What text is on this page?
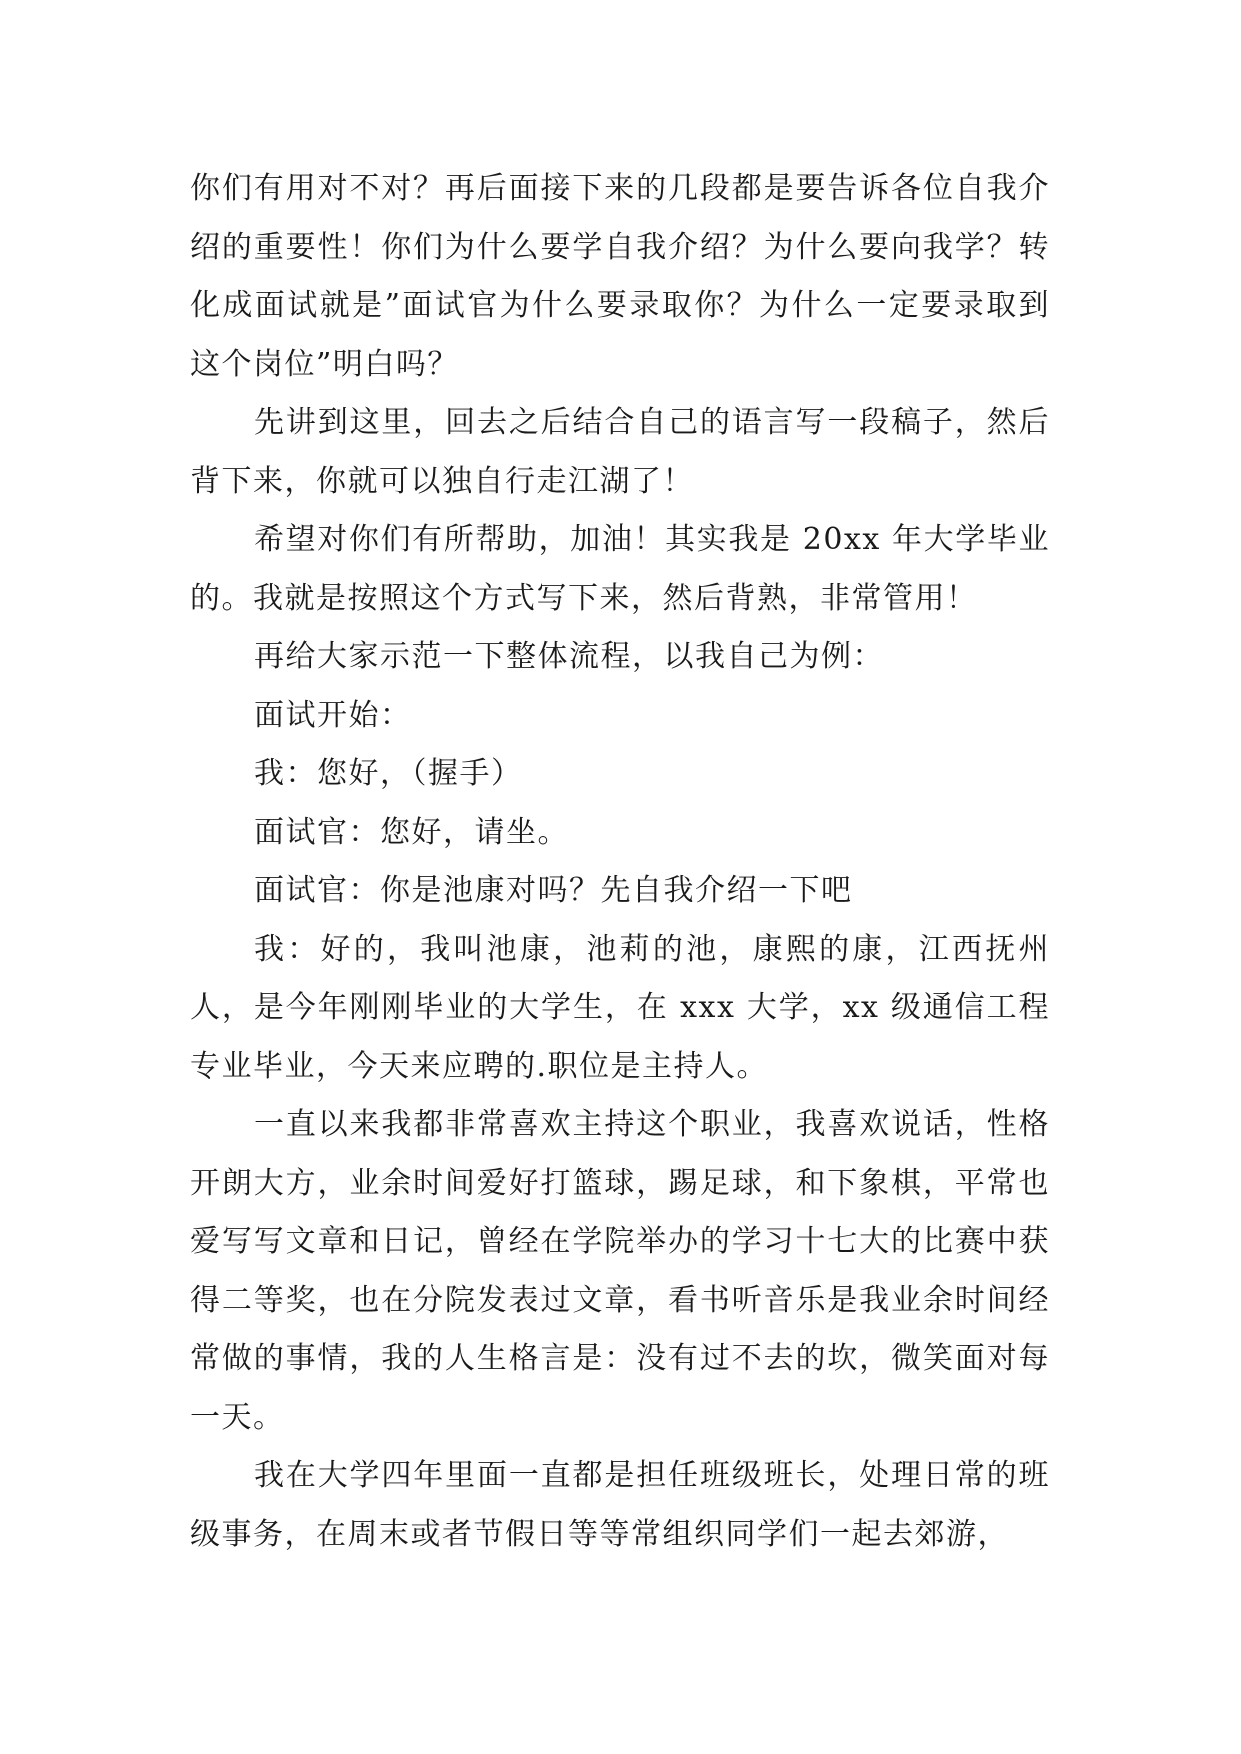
你们有用对不对？再后面接下来的几段都是要告诉各位自我介绍的重要性！你们为什么要学自我介绍？为什么要向我学？转化成面试就是”面试官为什么要录取你？为什么一定要录取到这个岗位”明白吗？

先讲到这里，回去之后结合自己的语言写一段稿子，然后背下来，你就可以独自行走江湖了！

希望对你们有所帮助，加油！其实我是 20xx 年大学毕业的。我就是按照这个方式写下来，然后背熟，非常管用！

再给大家示范一下整体流程，以我自己为例：

面试开始：

我：您好，（握手）

面试官：您好，请坐。

面试官：你是池康对吗？先自我介绍一下吧

我：好的，我叫池康，池莉的池，康熙的康，江西抚州人，是今年刚刚毕业的大学生，在 xxx 大学，xx 级通信工程专业毕业，今天来应聘的.职位是主持人。

一直以来我都非常喜欢主持这个职业，我喜欢说话，性格开朗大方，业余时间爱好打篮球，踢足球，和下象棋，平常也爱写写文章和日记，曾经在学院举办的学习十七大的比赛中获得二等奖，也在分院发表过文章，看书听音乐是我业余时间经常做的事情，我的人生格言是：没有过不去的坎，微笑面对每一天。

我在大学四年里面一直都是担任班级班长，处理日常的班级事务，在周末或者节假日等等常组织同学们一起去郊游，
